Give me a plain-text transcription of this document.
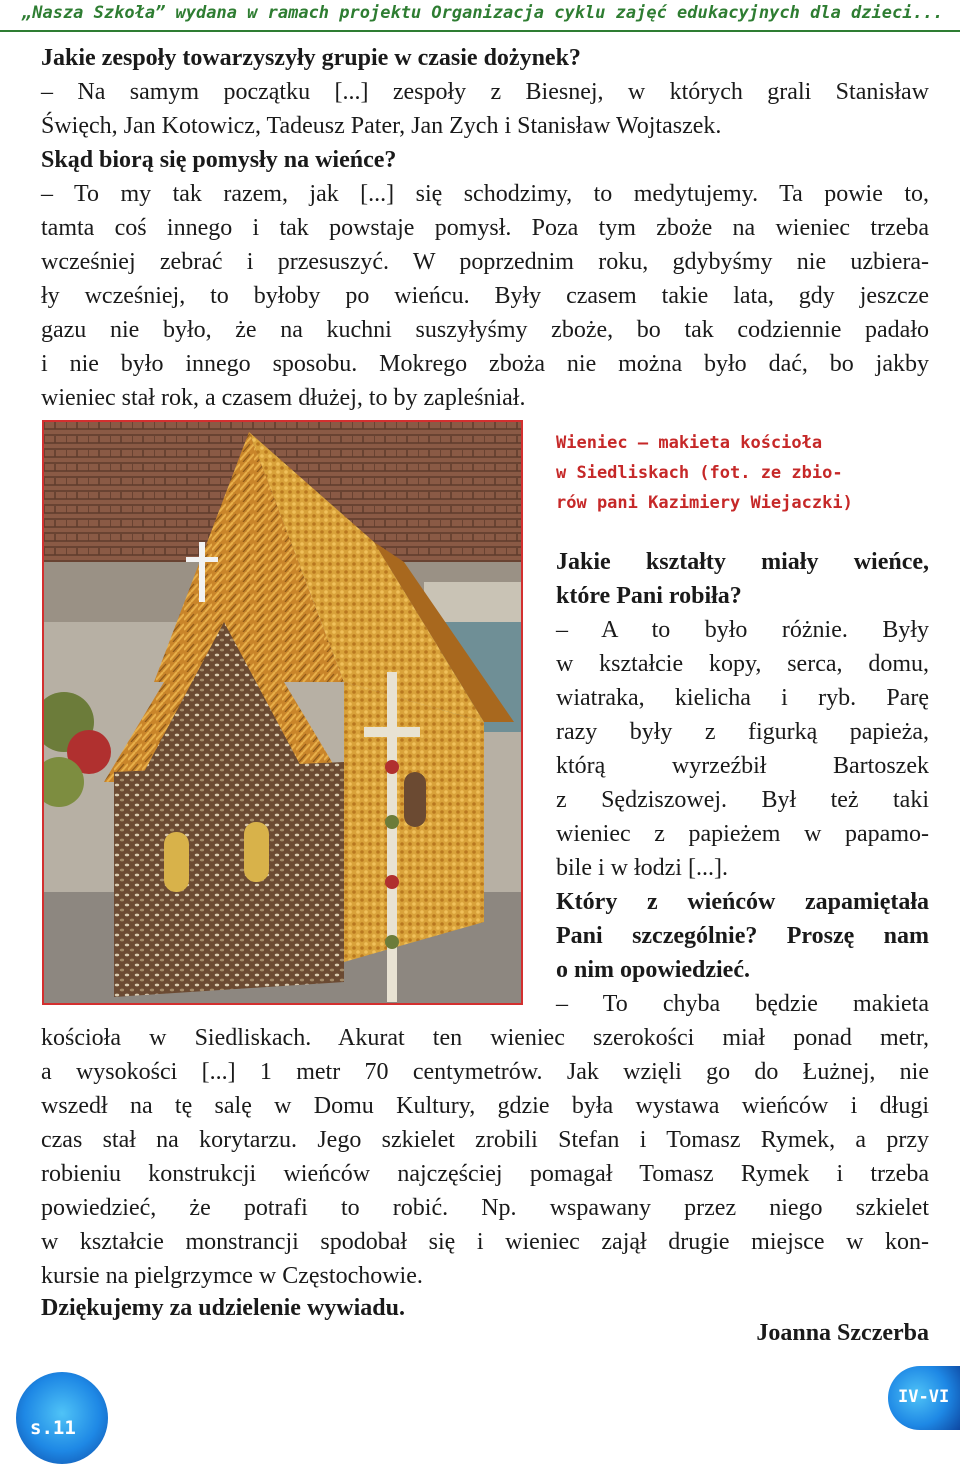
„Nasza Szkoła” wydana w ramach projektu Organizacja cyklu zajęć edukacyjnych dla dzieci...

Jakie zespoły towarzyszyły grupie w czasie dożynek?

– Na samym początku [...] zespoły z Biesnej, w których grali Stanisław

Święch, Jan Kotowicz, Tadeusz Pater, Jan Zych i Stanisław Wojtaszek.

Skąd biorą się pomysły na wieńce?

– To my tak razem, jak [...] się schodzimy, to medytujemy. Ta powie to,

tamta coś innego i tak powstaje pomysł. Poza tym zboże na wieniec trzeba

wcześniej zebrać i przesuszyć. W poprzednim roku, gdybyśmy nie uzbiera-

ły wcześniej, to byłoby po wieńcu. Były czasem takie lata, gdy jeszcze

gazu nie było, że na kuchni suszyłyśmy zboże, bo tak codziennie padało

i nie było innego sposobu. Mokrego zboża nie można było dać, bo jakby

wieniec stał rok, a czasem dłużej, to by zapleśniał.

Wieniec – makieta kościoła
w Siedliskach (fot. ze zbio-
rów pani Kazimiery Wiejaczki)

Jakie kształty miały wieńce,

które Pani robiła?

– A to było różnie. Były

w kształcie kopy, serca, domu,

wiatraka, kielicha i ryb. Parę

razy były z figurką papieża,

którą wyrzeźbił Bartoszek

z Sędziszowej. Był też taki

wieniec z papieżem w papamo-

bile i w łodzi [...].

Który z wieńców zapamiętała

Pani szczególnie? Proszę nam

o nim opowiedzieć.

– To chyba będzie makieta

kościoła w Siedliskach. Akurat ten wieniec szerokości miał ponad metr,

a wysokości [...] 1 metr 70 centymetrów. Jak wzięli go do Łużnej, nie

wszedł na tę salę w Domu Kultury, gdzie była wystawa wieńców i długi

czas stał na korytarzu. Jego szkielet zrobili Stefan i Tomasz Rymek, a przy

robieniu konstrukcji wieńców najczęściej pomagał Tomasz Rymek i trzeba

powiedzieć, że potrafi to robić. Np. wspawany przez niego szkielet

w kształcie monstrancji spodobał się i wieniec zajął drugie miejsce w kon-

kursie na pielgrzymce w Częstochowie.

Dziękujemy za udzielenie wywiadu.

Joanna Szczerba
s.11
IV-VI
